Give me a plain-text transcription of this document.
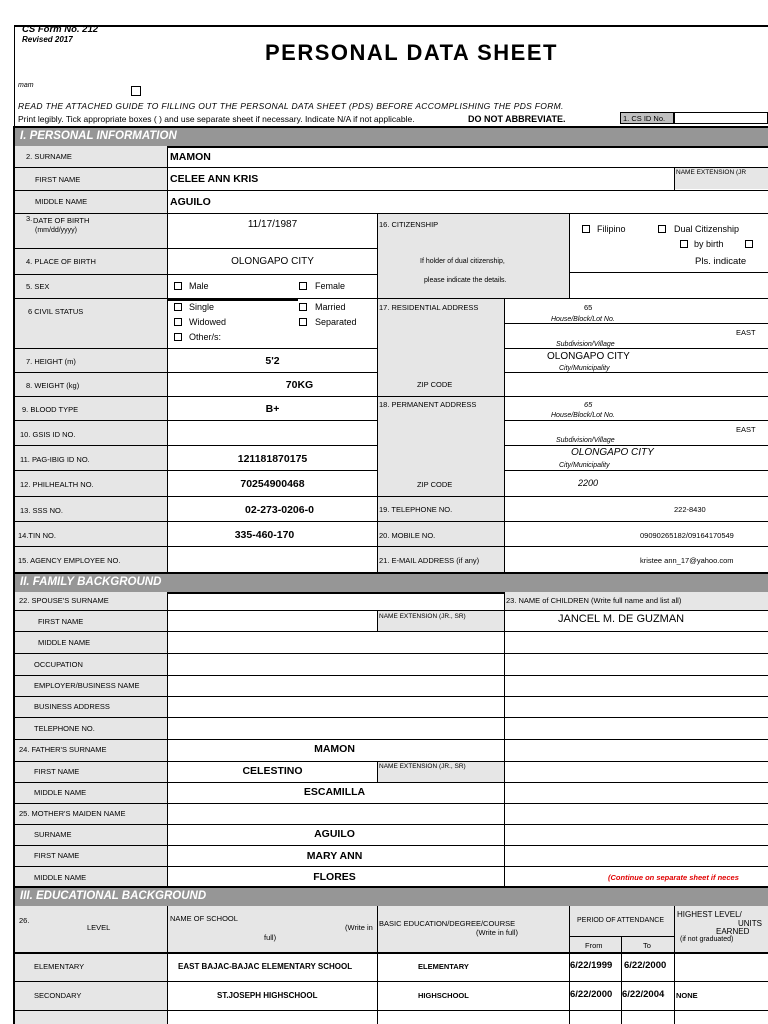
CS Form No. 212
Revised 2017
PERSONAL DATA SHEET
mam
READ THE ATTACHED GUIDE TO FILLING OUT THE PERSONAL DATA SHEET (PDS) BEFORE ACCOMPLISHING THE PDS FORM.
Print legibly. Tick appropriate boxes ( ) and use separate sheet if necessary. Indicate N/A if not applicable.	DO NOT ABBREVIATE.	1. CS ID No.
I. PERSONAL INFORMATION
2. SURNAME	MAMON
FIRST NAME	CELEE ANN KRIS
NAME EXTENSION (JR
MIDDLE NAME	AGUILO
3. DATE OF BIRTH
(mm/dd/yyyy)
11/17/1987
4. PLACE OF BIRTH	OLONGAPO CITY
5. SEX	Male	Female
6 CIVIL STATUS	Single	Married
Widowed	Separated
Other/s:
7. HEIGHT (m)	5'2
8. WEIGHT (kg)	70KG
9. BLOOD TYPE	B+
10. GSIS ID NO.
11. PAG-IBIG ID NO.	121181870175
12. PHILHEALTH NO.	70254900468
13. SSS NO.	02-273-0206-0
14.TIN NO.	335-460-170
15. AGENCY EMPLOYEE NO.
16. CITIZENSHIP	Filipino	Dual Citizenship
by birth
If holder of dual citizenship,
please indicate the details.
Pls. indicate
17. RESIDENTIAL ADDRESS	65
House/Block/Lot No.
EAST
Subdivision/Village
OLONGAPO CITY
City/Municipality
ZIP CODE
18. PERMANENT ADDRESS	65
House/Block/Lot No.
EAST
Subdivision/Village
OLONGAPO CITY
City/Municipality
ZIP CODE	2200
19. TELEPHONE NO.	222-8430
20. MOBILE NO.	09090265182/09164170549
21. E-MAIL ADDRESS (if any)	kristee ann_17@yahoo.com
II. FAMILY BACKGROUND
22. SPOUSE'S SURNAME
FIRST NAME
NAME EXTENSION (JR., SR)
MIDDLE NAME
OCCUPATION
EMPLOYER/BUSINESS NAME
BUSINESS ADDRESS
TELEPHONE NO.
23. NAME of CHILDREN (Write full name and list all)
JANCEL M. DE GUZMAN
24. FATHER'S SURNAME	MAMON
FIRST NAME	CELESTINO	NAME EXTENSION (JR., SR)
MIDDLE NAME	ESCAMILLA
25. MOTHER'S MAIDEN NAME
SURNAME	AGUILO
FIRST NAME	MARY ANN
MIDDLE NAME	FLORES	(Continue on separate sheet if neces
III. EDUCATIONAL BACKGROUND
26.
LEVEL
NAME OF SCHOOL
(Write in
full)
BASIC EDUCATION/DEGREE/COURSE
(Write in full)
PERIOD OF ATTENDANCE
From	To
HIGHEST LEVEL/
UNITS
EARNED
(if not graduated)
ELEMENTARY	EAST BAJAC-BAJAC ELEMENTARY SCHOOL	ELEMENTARY	6/22/1999 6/22/2000
SECONDARY	ST.JOSEPH HIGHSCHOOL	HIGHSCHOOL	6/22/2000 6/22/2004 NONE
